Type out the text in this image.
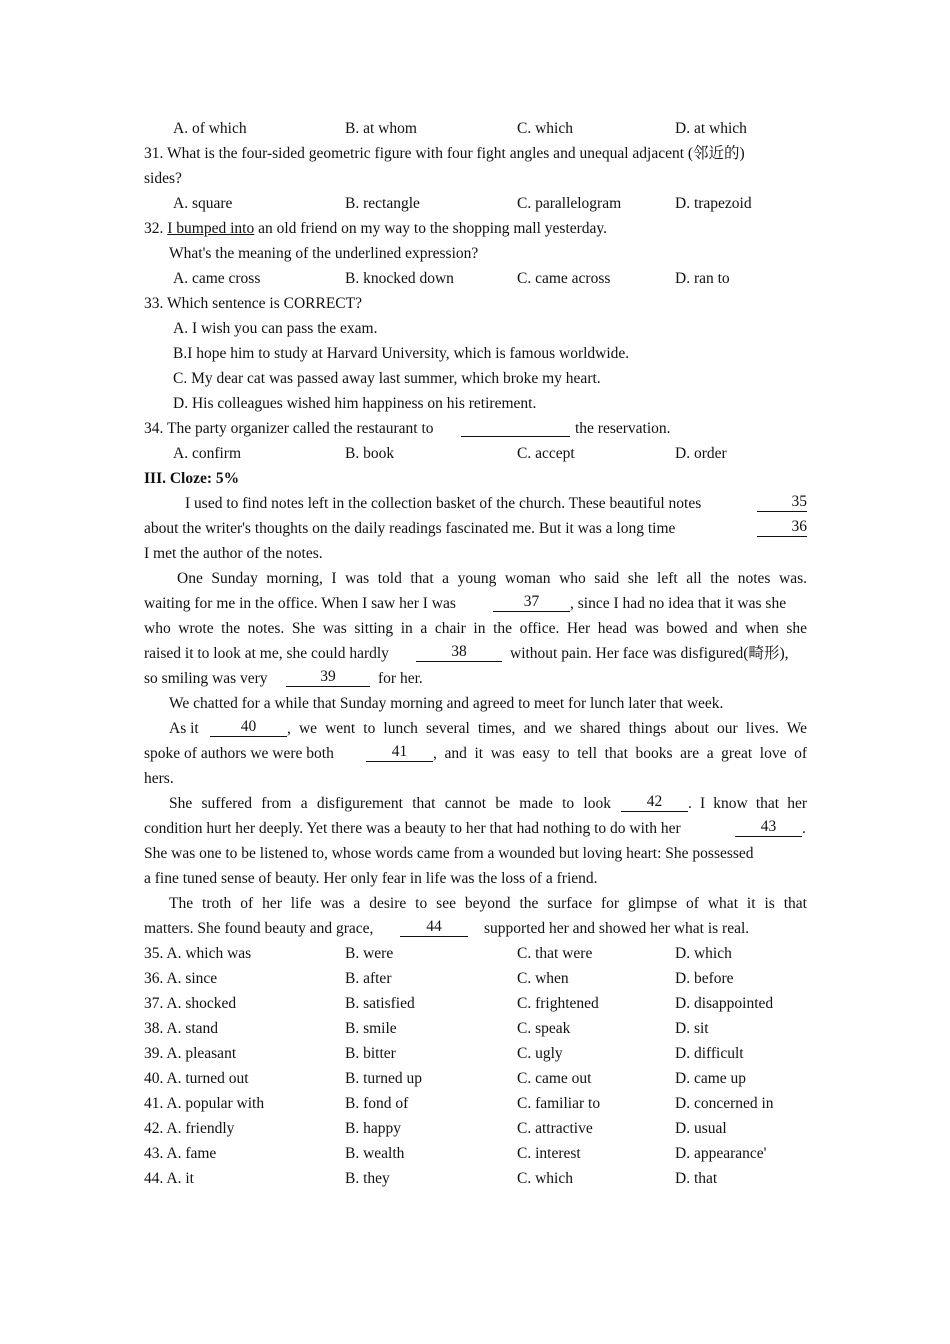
A. of which	B. at whom	C. which	D. at which
31. What is the four-sided geometric figure with four fight angles and unequal adjacent (邻近的)
sides?
A. square	B. rectangle	C. parallelogram	D. trapezoid
32. I bumped into an old friend on my way to the shopping mall yesterday.
What's the meaning of the underlined expression?
A. came cross	B. knocked down	C. came across	D. ran to
33. Which sentence is CORRECT?
A. I wish you can pass the exam.
B.I hope him to study at Harvard University, which is famous worldwide.
C. My dear cat was passed away last summer, which broke my heart.
D. His colleagues wished him happiness on his retirement.
34. The party organizer called the restaurant to	the reservation.
A. confirm	B. book	C. accept	D. order
III. Cloze: 5%
I used to find notes left in the collection basket of the church. These beautiful notes	35
about the writer's thoughts on the daily readings fascinated me. But it was a long time	36
I met the author of the notes.
One Sunday morning, I was told that a young woman who said she left all the notes was.
waiting for me in the office. When I saw her I was	37	, since I had no idea that it was she
who wrote the notes. She was sitting in a chair in the office. Her head was bowed and when she
raised it to look at me, she could hardly	38	without pain. Her face was disfigured(畸形),
so smiling was very	39	for her.
We chatted for a while that Sunday morning and agreed to meet for lunch later that week.
As it	40	, we went to lunch several times, and we shared things about our lives. We
spoke of authors we were both	41	, and it was easy to tell that books are a great love of
hers.
She suffered from a disfigurement that cannot be made to look	42	. I know that her
condition hurt her deeply. Yet there was a beauty to her that had nothing to do with her	43	.
She was one to be listened to, whose words came from a wounded but loving heart: She possessed
a fine tuned sense of beauty. Her only fear in life was the loss of a friend.
The troth of her life was a desire to see beyond the surface for glimpse of what it is that
matters. She found beauty and grace,	44	supported her and showed her what is real.
35. A. which was	B. were	C. that were	D. which
36. A. since	B. after	C. when	D. before
37. A. shocked	B. satisfied	C. frightened	D. disappointed
38. A. stand	B. smile	C. speak	D. sit
39. A. pleasant	B. bitter	C. ugly	D. difficult
40. A. turned out	B. turned up	C. came out	D. came up
41. A. popular with	B. fond of	C. familiar to	D. concerned in
42. A. friendly	B. happy	C. attractive	D. usual
43. A. fame	B. wealth	C. interest	D. appearance'
44. A. it	B. they	C. which	D. that
